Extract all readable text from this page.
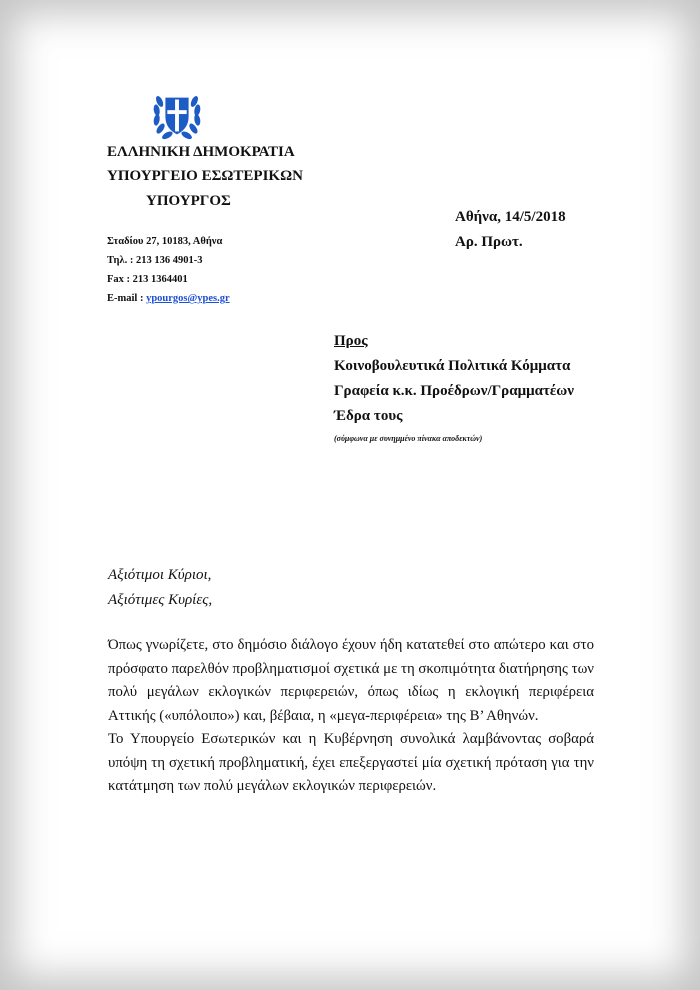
ΕΛΛΗΝΙΚΗ ΔΗΜΟΚΡΑΤΙΑ
ΥΠΟΥΡΓΕΙΟ ΕΣΩΤΕΡΙΚΩΝ
ΥΠΟΥΡΓΟΣ
Σταδίου 27, 10183, Αθήνα
Τηλ. : 213 136 4901-3
Fax : 213 1364401
E-mail : ypourgos@ypes.gr
Αθήνα, 14/5/2018
Αρ. Πρωτ.
Προς
Κοινοβουλευτικά Πολιτικά Κόμματα
Γραφεία κ.κ. Προέδρων/Γραμματέων
Έδρα τους
(σύμφωνα με συνημμένο πίνακα αποδεκτών)
Αξιότιμοι Κύριοι,
Αξιότιμες Κυρίες,

Όπως γνωρίζετε, στο δημόσιο διάλογο έχουν ήδη κατατεθεί στο απώτερο και στο πρόσφατο παρελθόν προβληματισμοί σχετικά με τη σκοπιμότητα διατήρησης των πολύ μεγάλων εκλογικών περιφερειών, όπως ιδίως η εκλογική περιφέρεια Αττικής («υπόλοιπο») και, βέβαια, η «μεγα-περιφέρεια» της Β’ Αθηνών.

Το Υπουργείο Εσωτερικών και η Κυβέρνηση συνολικά λαμβάνοντας σοβαρά υπόψη τη σχετική προβληματική, έχει επεξεργαστεί μία σχετική πρόταση για την κατάτμηση των πολύ μεγάλων εκλογικών περιφερειών.
